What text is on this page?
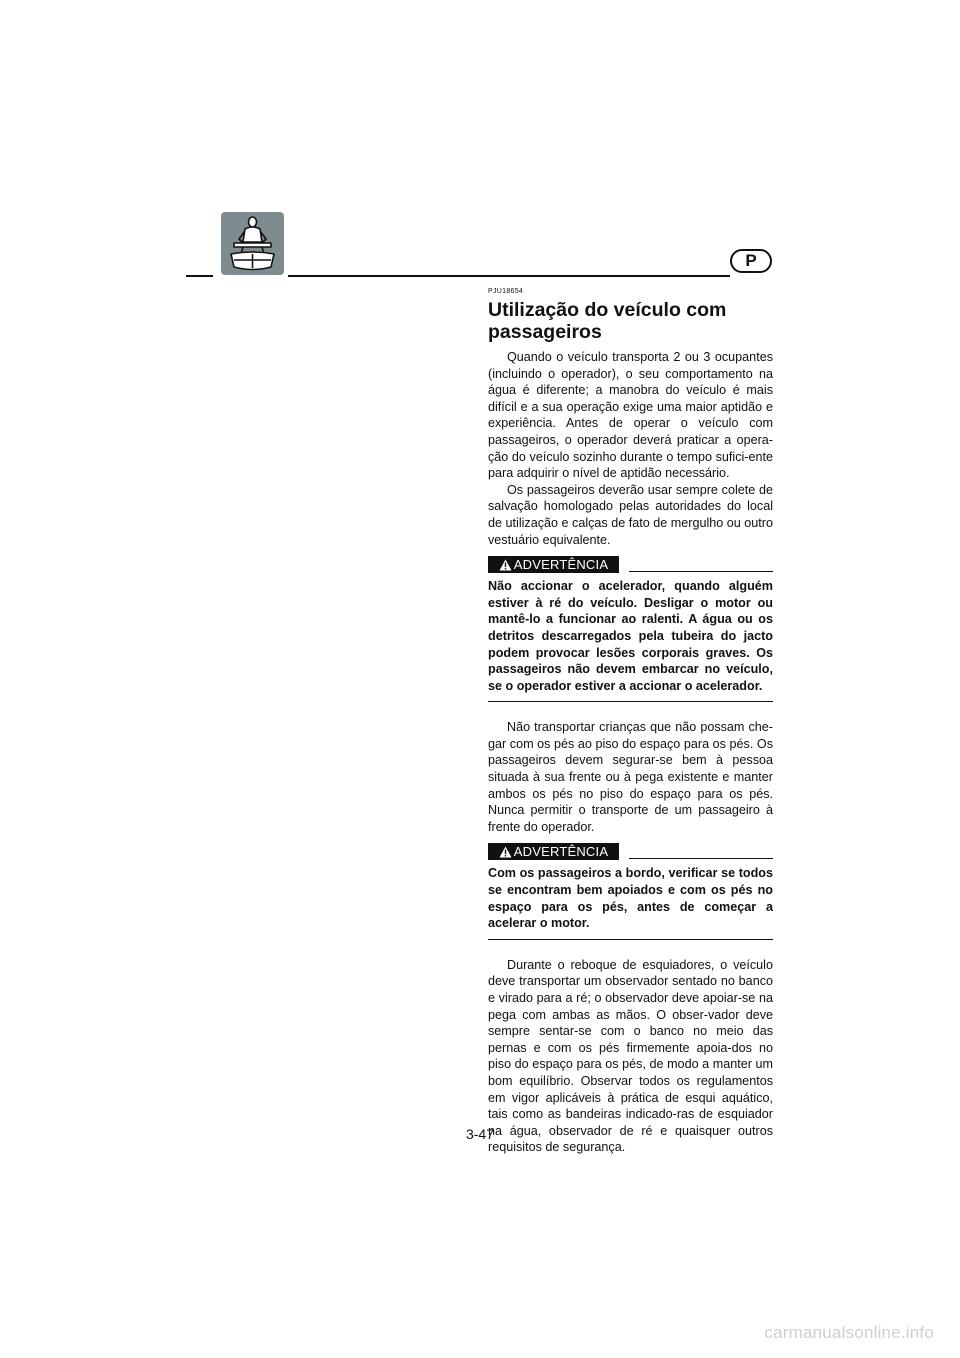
P

PJU18654

Utilização do veículo com
passageiros

Quando o veículo transporta 2 ou 3 ocupantes (incluindo o operador), o seu comportamento na água é diferente; a manobra do veículo é mais difícil e a sua operação exige uma maior aptidão e experiência. Antes de operar o veículo com passageiros, o operador deverá praticar a opera-ção do veículo sozinho durante o tempo sufici-ente para adquirir o nível de aptidão necessário.

Os passageiros deverão usar sempre colete de salvação homologado pelas autoridades do local de utilização e calças de fato de mergulho ou outro vestuário equivalente.

ADVERTÊNCIA

Não accionar o acelerador, quando alguém estiver à ré do veículo. Desligar o motor ou mantê-lo a funcionar ao ralenti. A água ou os detritos descarregados pela tubeira do jacto podem provocar lesões corporais graves. Os passageiros não devem embarcar no veículo, se o operador estiver a accionar o acelerador.

Não transportar crianças que não possam che-gar com os pés ao piso do espaço para os pés. Os passageiros devem segurar-se bem à pessoa situada à sua frente ou à pega existente e manter ambos os pés no piso do espaço para os pés. Nunca permitir o transporte de um passageiro à frente do operador.

ADVERTÊNCIA

Com os passageiros a bordo, verificar se todos se encontram bem apoiados e com os pés no espaço para os pés, antes de começar a acelerar o motor.

Durante o reboque de esquiadores, o veículo deve transportar um observador sentado no banco e virado para a ré; o observador deve apoiar-se na pega com ambas as mãos. O obser-vador deve sempre sentar-se com o banco no meio das pernas e com os pés firmemente apoia-dos no piso do espaço para os pés, de modo a manter um bom equilíbrio. Observar todos os regulamentos em vigor aplicáveis à prática de esqui aquático, tais como as bandeiras indicado-ras de esquiador na água, observador de ré e quaisquer outros requisitos de segurança.

3-47
carmanualsonline.info
